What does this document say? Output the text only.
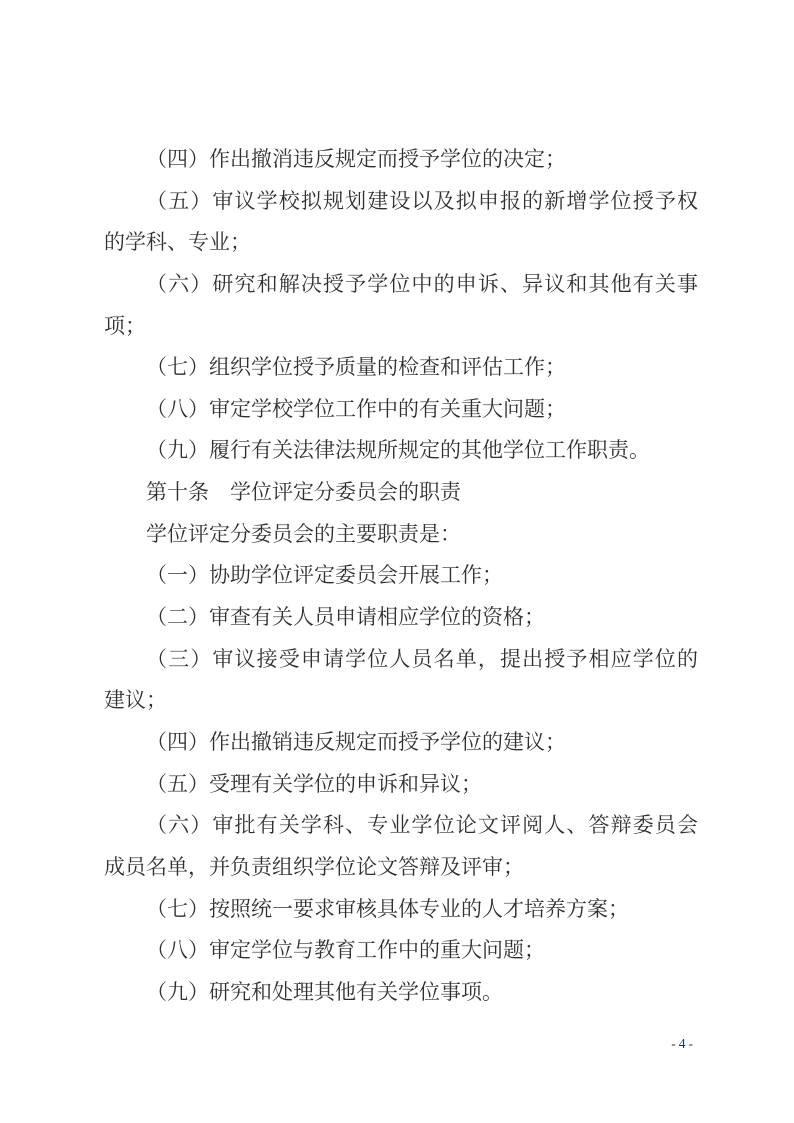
（四）作出撤消违反规定而授予学位的决定；
（五）审议学校拟规划建设以及拟申报的新增学位授予权
的学科、专业；
（六）研究和解决授予学位中的申诉、异议和其他有关事
项；
（七）组织学位授予质量的检查和评估工作；
（八）审定学校学位工作中的有关重大问题；
（九）履行有关法律法规所规定的其他学位工作职责。
第十条　学位评定分委员会的职责
学位评定分委员会的主要职责是：
（一）协助学位评定委员会开展工作；
（二）审查有关人员申请相应学位的资格；
（三）审议接受申请学位人员名单，提出授予相应学位的
建议；
（四）作出撤销违反规定而授予学位的建议；
（五）受理有关学位的申诉和异议；
（六）审批有关学科、专业学位论文评阅人、答辩委员会
成员名单，并负责组织学位论文答辩及评审；
（七）按照统一要求审核具体专业的人才培养方案；
（八）审定学位与教育工作中的重大问题；
（九）研究和处理其他有关学位事项。
- 4 -
